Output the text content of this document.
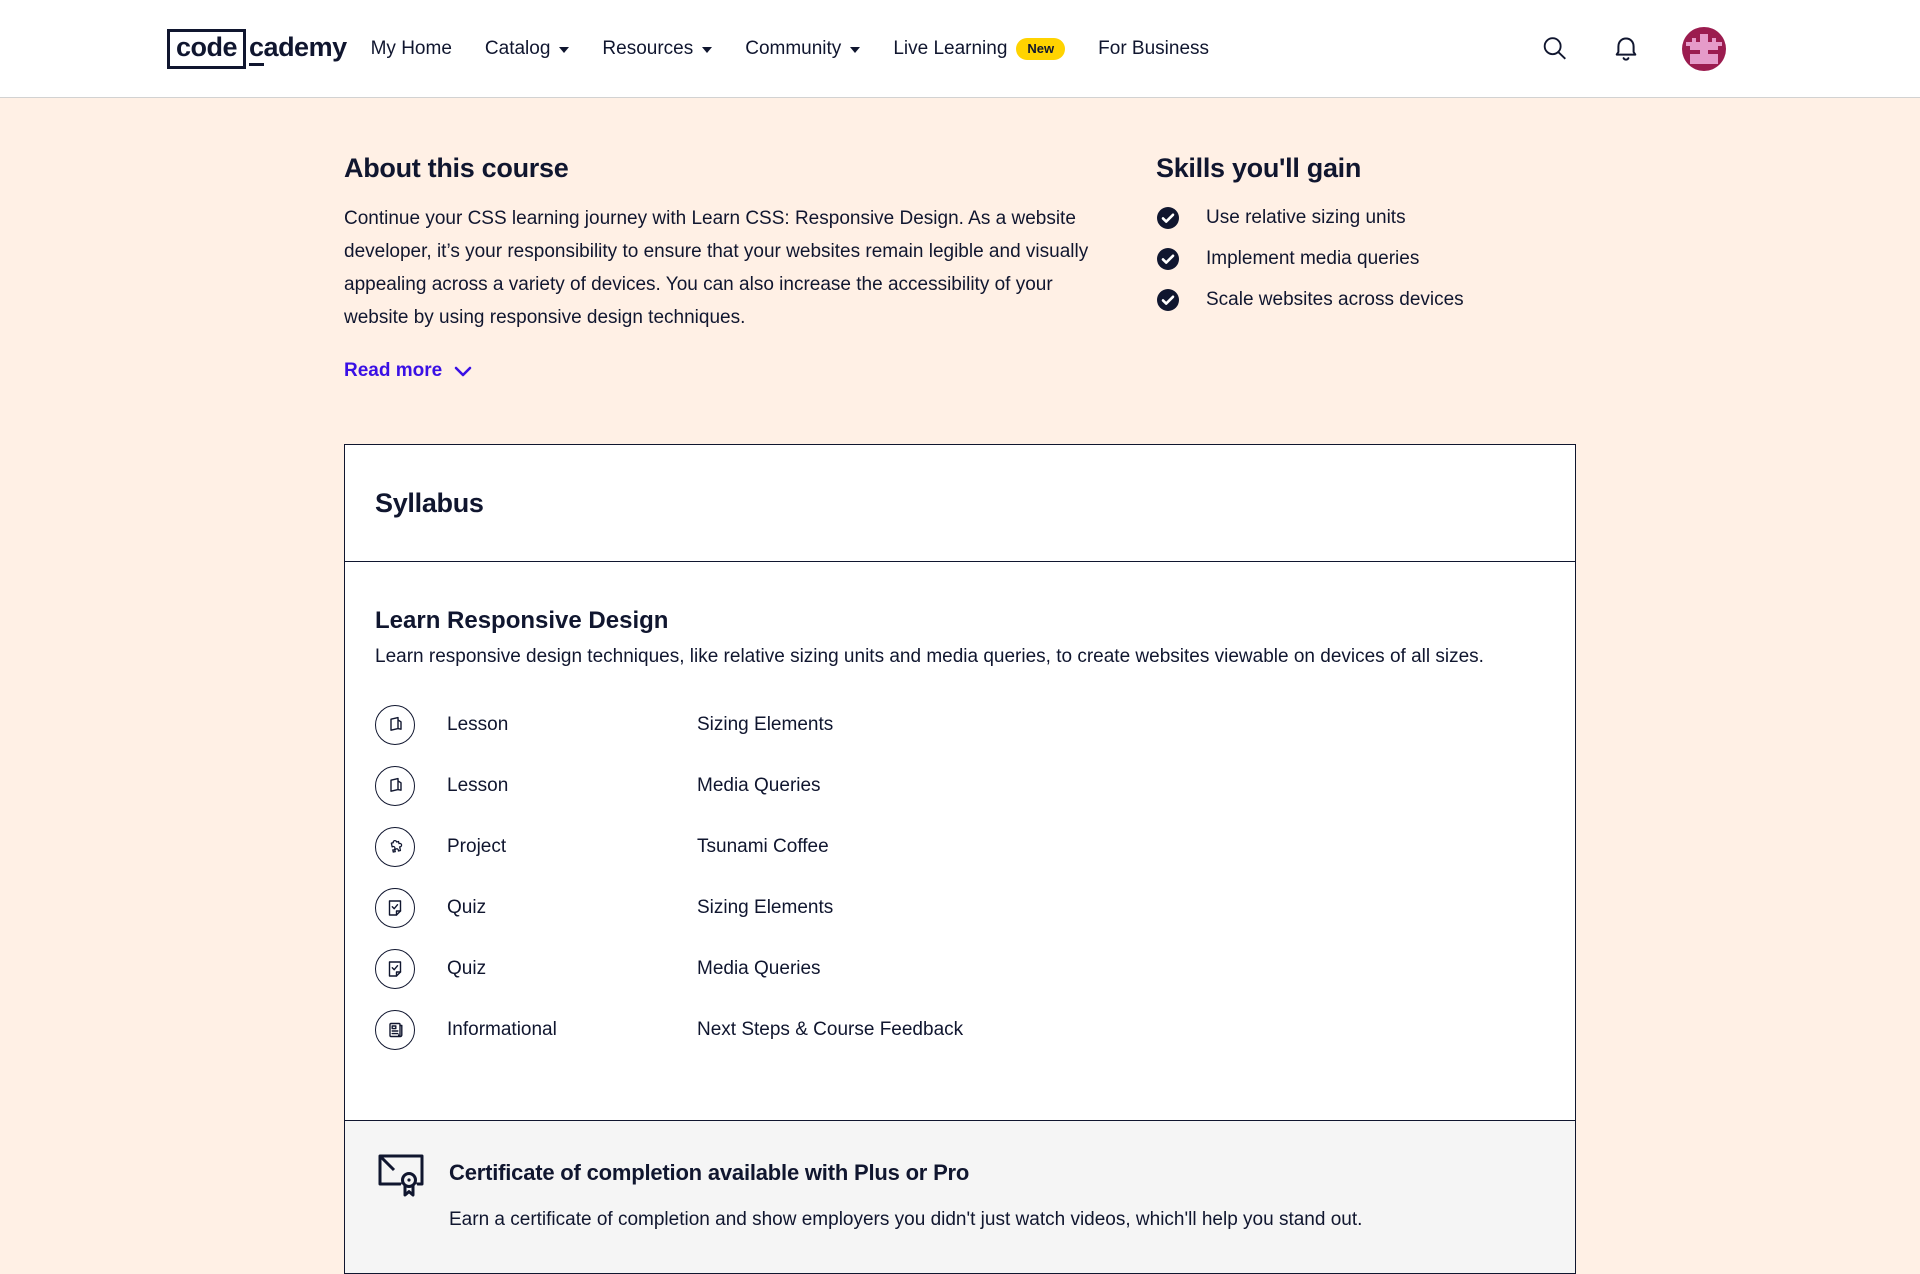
code cademy My Home Catalog	Resources	Community	Live Learning	New	For Business
About this course

Continue your CSS learning journey with Learn CSS: Responsive Design. As a website developer, it’s your responsibility to ensure that your websites remain legible and visually appealing across a variety of devices. You can also increase the accessibility of your website by using responsive design techniques.

Read more
Skills you'll gain
Use relative sizing units
Implement media queries
Scale websites across devices
Syllabus
Learn Responsive Design

Learn responsive design techniques, like relative sizing units and media queries, to create websites viewable on devices of all sizes.

Lesson	Sizing Elements
Lesson	Media Queries
Project	Tsunami Coffee
Quiz	Sizing Elements
Quiz	Media Queries
Informational	Next Steps & Course Feedback
Certificate of completion available with Plus or Pro

Earn a certificate of completion and show employers you didn't just watch videos, which'll help you stand out.
